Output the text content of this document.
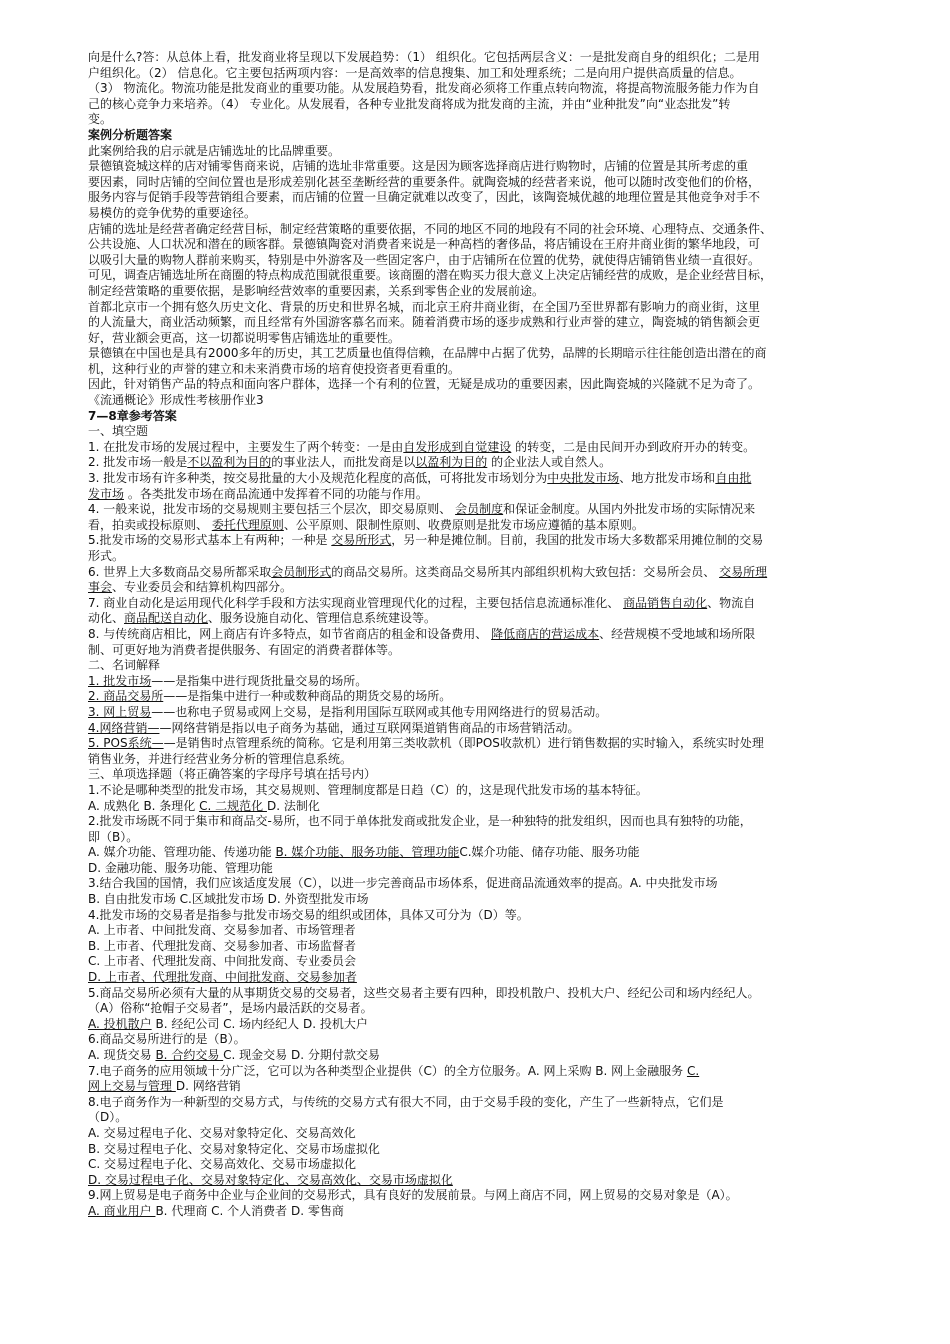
向是什么?答：从总体上看，批发商业将呈现以下发展趋势：（1） 组织化。它包括两层含义：一是批发商自身的组织化；二是用
户组织化。（2） 信息化。它主要包括两项内容：一是高效率的信息搜集、加工和处理系统；二是向用户提供高质量的信息。
（3） 物流化。物流功能是批发商业的重要功能。从发展趋势看，批发商必须将工作重点转向物流，将提高物流服务能力作为自
己的核心竞争力来培养。（4） 专业化。从发展看，各种专业批发商将成为批发商的主流，并由“业种批发”向“业态批发”转
变。
案例分析题答案
此案例给我的启示就是店铺选址的比品牌重要。
景德镇瓷城这样的店对铺零售商来说，店铺的选址非常重要。这是因为顾客选择商店进行购物时，店铺的位置是其所考虑的重
要因素，同时店铺的空间位置也是形成差别化甚至垄断经营的重要条件。就陶瓷城的经营者来说，他可以随时改变他们的价格，
服务内容与促销手段等营销组合要素，而店铺的位置一旦确定就难以改变了，因此，该陶瓷城优越的地理位置是其他竞争对手不
易模仿的竞争优势的重要途径。
店铺的选址是经营者确定经营目标，制定经营策略的重要依据，不同的地区不同的地段有不同的社会环境、心理特点、交通条件、
公共设施、人口状况和潜在的顾客群。景德镇陶瓷对消费者来说是一种高档的奢侈品，将店铺设在王府井商业街的繁华地段，可
以吸引大量的购物人群前来购买，特别是中外游客及一些固定客户，由于店铺所在位置的优势，就使得店铺销售业绩一直很好。
可见，调查店铺选址所在商圈的特点构成范围就很重要。该商圈的潜在购买力很大意义上决定店铺经营的成败，是企业经营目标，
制定经营策略的重要依据，是影响经营效率的重要因素，关系到零售企业的发展前途。
首都北京市一个拥有悠久历史文化、背景的历史和世界名城，而北京王府井商业街，在全国乃至世界都有影响力的商业街，这里
的人流量大，商业活动频繁，而且经常有外国游客慕名而来。随着消费市场的逐步成熟和行业声誉的建立，陶瓷城的销售额会更
好，营业额会更高，这一切都说明零售店铺选址的重要性。
景德镇在中国也是具有2000多年的历史，其工艺质量也值得信赖，在品牌中占据了优势，品牌的长期暗示往往能创造出潜在的商
机，这种行业的声誉的建立和未来消费市场的培育使投资者更看重的。
因此，针对销售产品的特点和面向客户群体，选择一个有利的位置，无疑是成功的重要因素，因此陶瓷城的兴隆就不足为奇了。
《流通概论》形成性考核册作业3
7—8章参考答案
一、填空题
1. 在批发市场的发展过程中，主要发生了两个转变：一是由自发形成到自觉建设 的转变，二是由民间开办到政府开办的转变。
2. 批发市场一般是不以盈利为目的的事业法人，而批发商是以以盈利为目的 的企业法人或自然人。
3. 批发市场有许多种类，按交易批量的大小及规范化程度的高低，可将批发市场划分为中央批发市场、地方批发市场和自由批
发市场 。各类批发市场在商品流通中发挥着不同的功能与作用。
4. 一般来说，批发市场的交易规则主要包括三个层次，即交易原则、 会员制度和保证金制度。从国内外批发市场的实际情况来
看，拍卖或投标原则、 委托代理原则、公平原则、限制性原则、收费原则是批发市场应遵循的基本原则。
5.批发市场的交易形式基本上有两种；一种是 交易所形式，另一种是摊位制。目前，我国的批发市场大多数都采用摊位制的交易
形式。
6. 世界上大多数商品交易所都采取会员制形式的商品交易所。这类商品交易所其内部组织机构大致包括：交易所会员、 交易所理
事会、专业委员会和结算机构四部分。
7. 商业自动化是运用现代化科学手段和方法实现商业管理现代化的过程，主要包括信息流通标准化、 商品销售自动化、物流自
动化、商品配送自动化、服务设施自动化、管理信息系统建设等。
8. 与传统商店相比，网上商店有许多特点，如节省商店的租金和设备费用、 降低商店的营运成本、经营规模不受地域和场所限
制、可更好地为消费者提供服务、有固定的消费者群体等。
二、名词解释
1. 批发市场——是指集中进行现货批量交易的场所。
2. 商品交易所——是指集中进行一种或数种商品的期货交易的场所。
3. 网上贸易——也称电子贸易或网上交易，是指利用国际互联网或其他专用网络进行的贸易活动。
4.网络营销——网络营销是指以电子商务为基础，通过互联网渠道销售商品的市场营销活动。
5. POS系统——是销售时点管理系统的简称。它是利用第三类收款机（即POS收款机）进行销售数据的实时输入，系统实时处理
销售业务，并进行经营业务分析的管理信息系统。
三、单项选择题（将正确答案的字母序号填在括号内）
1.不论是哪种类型的批发市场，其交易规则、管理制度都是日趋（C）的，这是现代批发市场的基本特征。
A. 成熟化 B. 条理化 C. 二规范化 D. 法制化
2.批发市场既不同于集市和商品交-易所，也不同于单体批发商或批发企业，是一种独特的批发组织，因而也具有独特的功能，
即（B）。
A. 媒介功能、管理功能、传递功能 B. 媒介功能、服务功能、管理功能C.媒介功能、储存功能、服务功能
D. 金融功能、服务功能、管理功能
3.结合我国的国情，我们应该适度发展（C），以进一步完善商品市场体系，促进商品流通效率的提高。A. 中央批发市场
B. 自由批发市场 C.区域批发市场 D. 外资型批发市场
4.批发市场的交易者是指参与批发市场交易的组织或团体，具体又可分为（D）等。
A. 上市者、中间批发商、交易参加者、市场管理者
B. 上市者、代理批发商、交易参加者、市场监督者
C. 上市者、代理批发商、中间批发商、专业委员会
D. 上市者、代理批发商、中间批发商、交易参加者
5.商品交易所必须有大量的从事期货交易的交易者，这些交易者主要有四种，即投机散户、投机大户、经纪公司和场内经纪人。
（A）俗称“抢帽子交易者”，是场内最活跃的交易者。
A. 投机散户 B. 经纪公司 C. 场内经纪人 D. 投机大户
6.商品交易所进行的是（B）。
A. 现货交易 B. 合约交易 C. 现金交易 D. 分期付款交易
7.电子商务的应用领域十分广泛，它可以为各种类型企业提供（C）的全方位服务。A. 网上采购 B. 网上金融服务 C.
网上交易与管理 D. 网络营销
8.电子商务作为一种新型的交易方式，与传统的交易方式有很大不同，由于交易手段的变化，产生了一些新特点，它们是
（D）。
A. 交易过程电子化、交易对象特定化、交易高效化
B. 交易过程电子化、交易对象特定化、交易市场虚拟化
C. 交易过程电子化、交易高效化、交易市场虚拟化
D. 交易过程电子化、交易对象特定化、交易高效化、交易市场虚拟化
9.网上贸易是电子商务中企业与企业间的交易形式，具有良好的发展前景。与网上商店不同，网上贸易的交易对象是（A）。
A. 商业用户 B. 代理商 C. 个人消费者 D. 零售商
